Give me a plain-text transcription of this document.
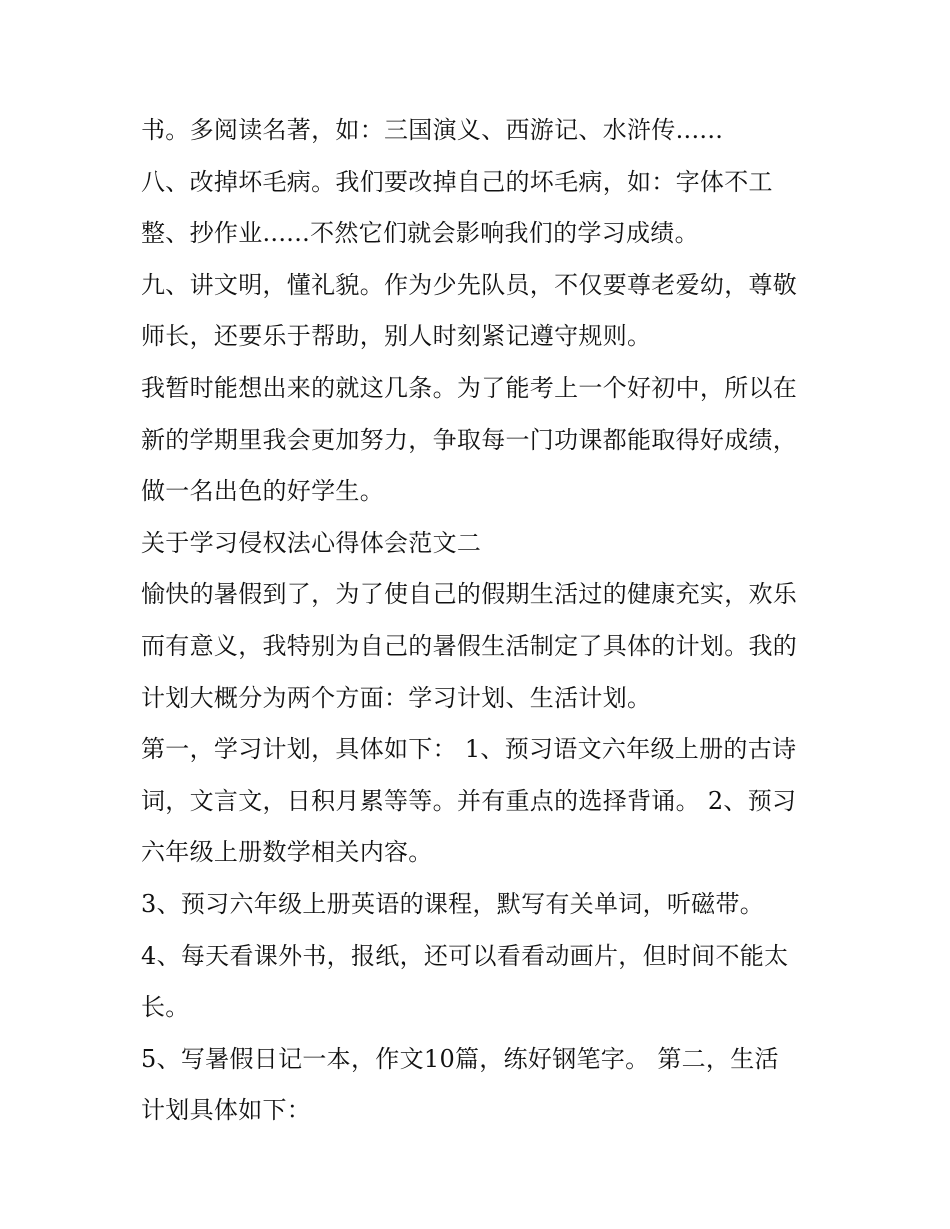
书。多阅读名著，如：三国演义、西游记、水浒传......
八、改掉坏毛病。我们要改掉自己的坏毛病，如：字体不工
整、抄作业......不然它们就会影响我们的学习成绩。
九、讲文明，懂礼貌。作为少先队员，不仅要尊老爱幼，尊敬
师长，还要乐于帮助，别人时刻紧记遵守规则。
我暂时能想出来的就这几条。为了能考上一个好初中，所以在
新的学期里我会更加努力，争取每一门功课都能取得好成绩，
做一名出色的好学生。
关于学习侵权法心得体会范文二
愉快的暑假到了，为了使自己的假期生活过的健康充实，欢乐
而有意义，我特别为自己的暑假生活制定了具体的计划。我的
计划大概分为两个方面：学习计划、生活计划。
第一，学习计划，具体如下： 1、预习语文六年级上册的古诗
词，文言文，日积月累等等。并有重点的选择背诵。 2、预习
六年级上册数学相关内容。
3、预习六年级上册英语的课程，默写有关单词，听磁带。
4、每天看课外书，报纸，还可以看看动画片，但时间不能太
长。
5、写暑假日记一本，作文10篇，练好钢笔字。 第二，生活
计划具体如下：
